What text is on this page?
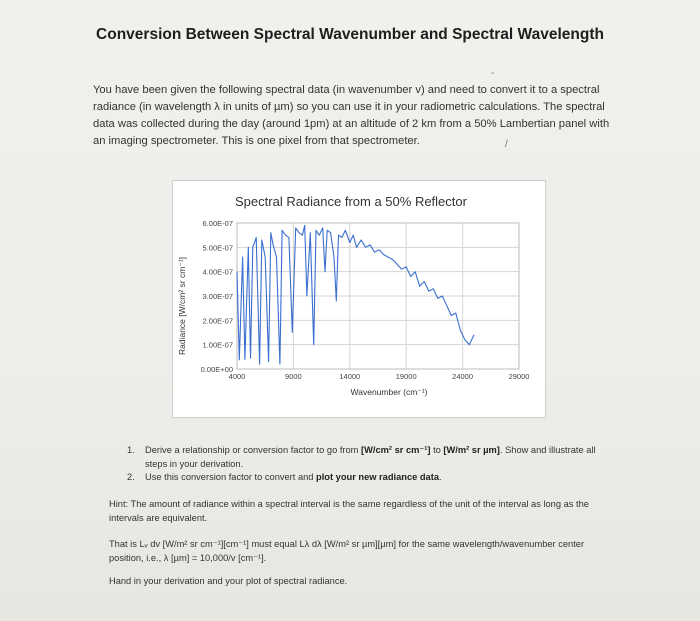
Conversion Between Spectral Wavenumber and Spectral Wavelength
You have been given the following spectral data (in wavenumber v) and need to convert it to a spectral radiance (in wavelength λ in units of µm) so you can use it in your radiometric calculations. The spectral data was collected during the day (around 1pm) at an altitude of 2 km from a 50% Lambertian panel with an imaging spectrometer. This is one pixel from that spectrometer.
Spectral Radiance from a 50% Reflector
0.00E+00
1.00E-07
2.00E-07
3.00E-07
4.00E-07
5.00E-07
6.00E-07
4000	9000	14000	19000	24000	29000
Wavenumber (cm⁻¹)
Radiance [W/cm² sr cm⁻¹]
1. Derive a relationship or conversion factor to go from [W/cm² sr cm⁻¹] to [W/m² sr µm]. Show and illustrate all steps in your derivation.
2. Use this conversion factor to convert and plot your new radiance data.
Hint: The amount of radiance within a spectral interval is the same regardless of the unit of the interval as long as the intervals are equivalent.
That is Lᵥ dv [W/m² sr cm⁻¹][cm⁻¹] must equal Lλ dλ [W/m² sr µm][µm] for the same wavelength/wavenumber center position, i.e., λ [µm] = 10,000/v [cm⁻¹].
Hand in your derivation and your plot of spectral radiance.
-
/
